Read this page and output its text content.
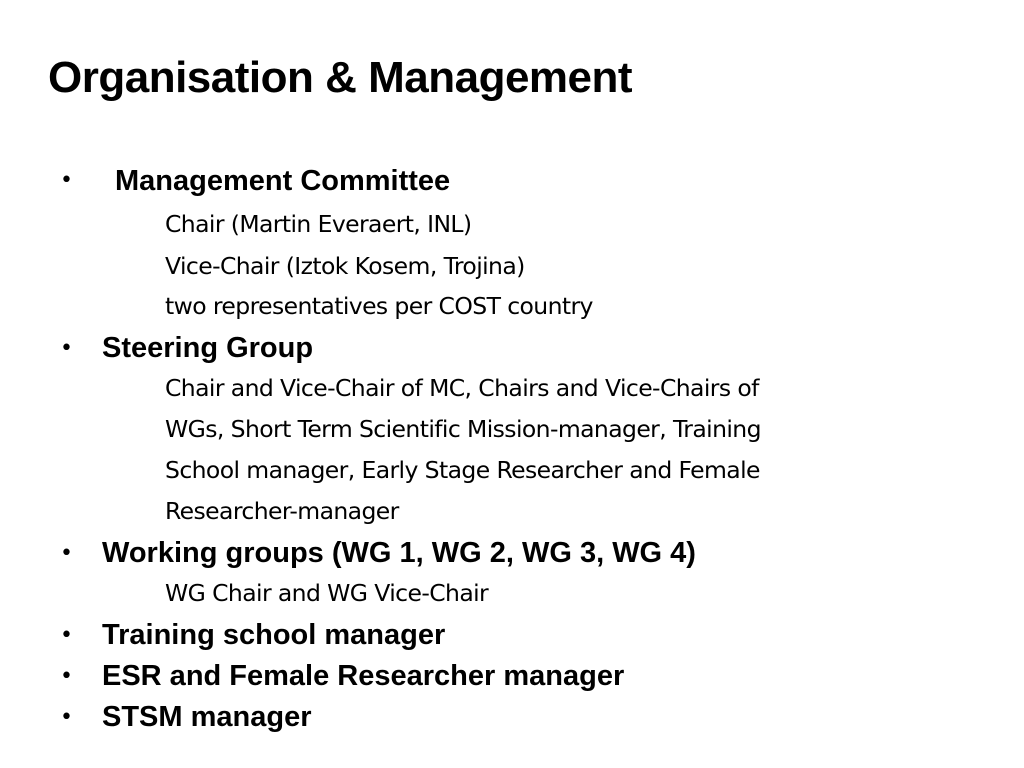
Organisation & Management
• Management Committee
Chair (Martin Everaert, INL)
Vice-Chair (Iztok Kosem, Trojina)
two representatives per COST country
• Steering Group
Chair and Vice-Chair of MC, Chairs and Vice-Chairs of
WGs, Short Term Scientific Mission-manager, Training
School manager, Early Stage Researcher and Female
Researcher-manager
• Working groups (WG 1, WG 2, WG 3, WG 4)
WG Chair and WG Vice-Chair
• Training school manager
• ESR and Female Researcher manager
• STSM manager
